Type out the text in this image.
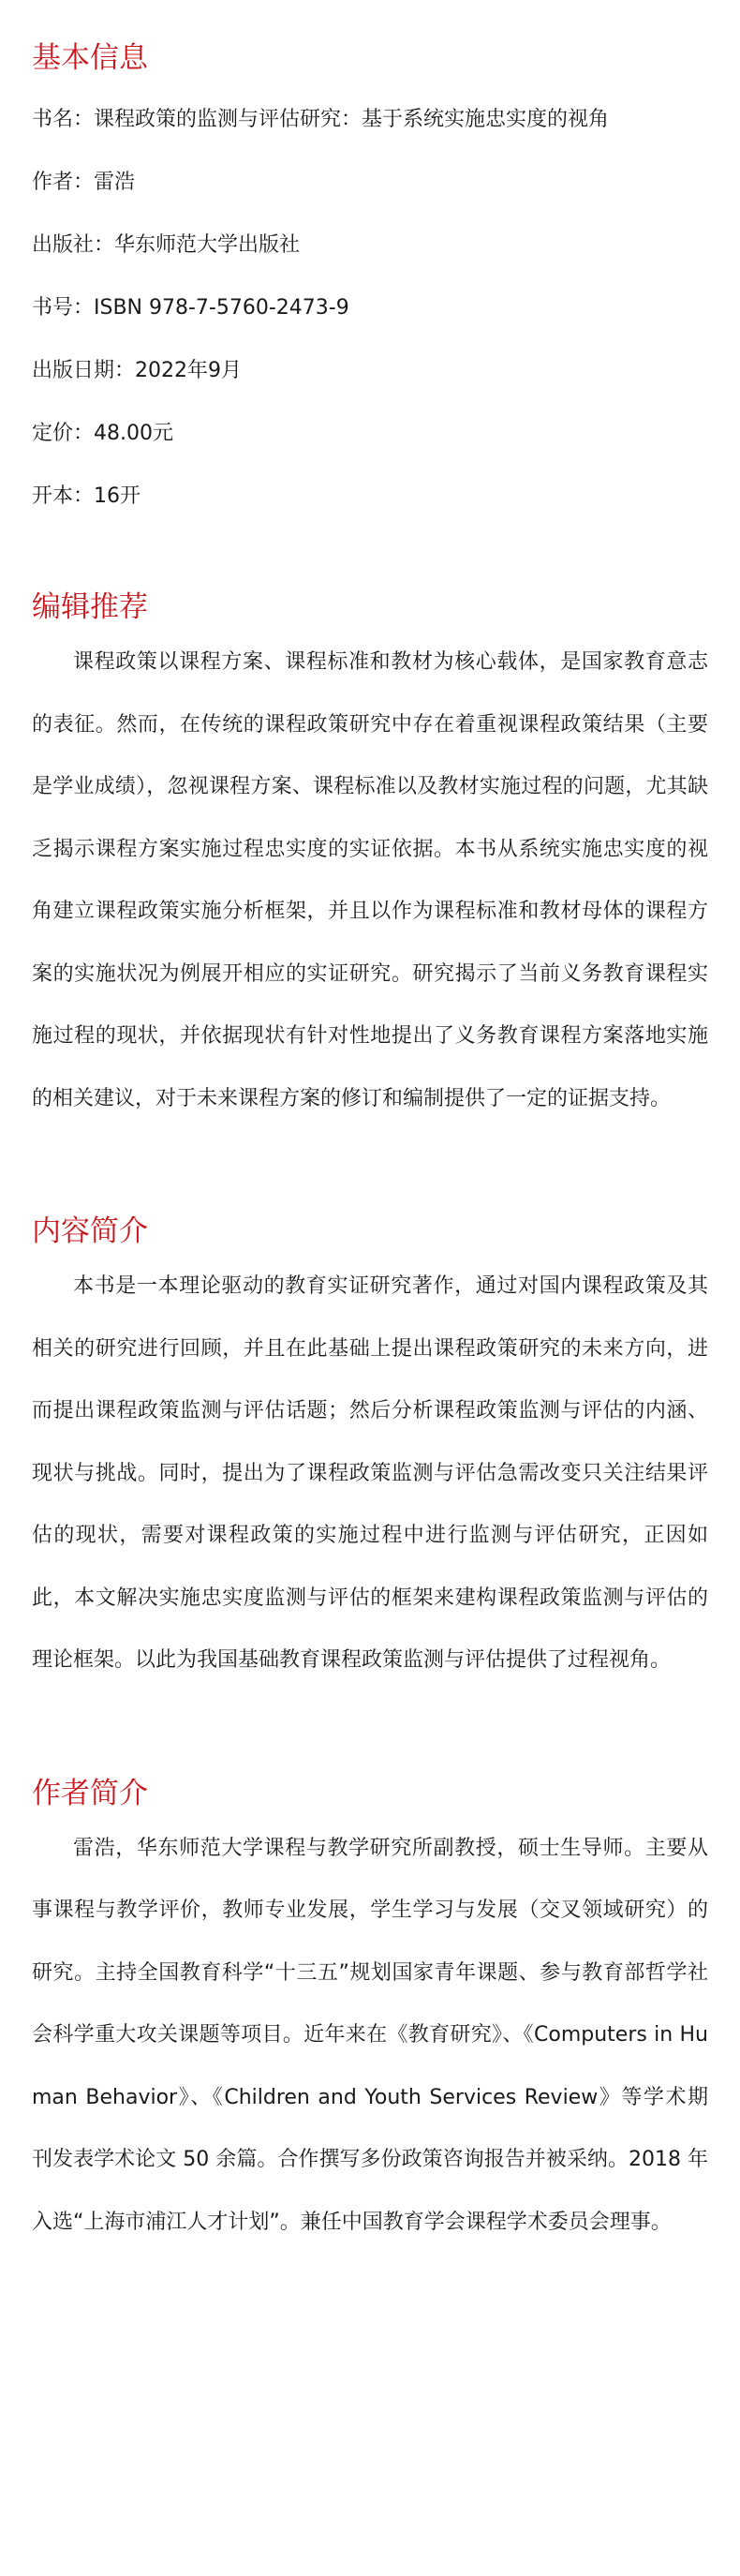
基本信息

书名：课程政策的监测与评估研究：基于系统实施忠实度的视角

作者：雷浩

出版社：华东师范大学出版社

书号：ISBN 978-7-5760-2473-9

出版日期：2022年9月

定价：48.00元

开本：16开

编辑推荐

课程政策以课程方案、课程标准和教材为核心载体，是国家教育意志的表征。然而，在传统的课程政策研究中存在着重视课程政策结果（主要是学业成绩），忽视课程方案、课程标准以及教材实施过程的问题，尤其缺乏揭示课程方案实施过程忠实度的实证依据。本书从系统实施忠实度的视角建立课程政策实施分析框架，并且以作为课程标准和教材母体的课程方案的实施状况为例展开相应的实证研究。研究揭示了当前义务教育课程实施过程的现状，并依据现状有针对性地提出了义务教育课程方案落地实施的相关建议，对于未来课程方案的修订和编制提供了一定的证据支持。

内容简介

本书是一本理论驱动的教育实证研究著作，通过对国内课程政策及其相关的研究进行回顾，并且在此基础上提出课程政策研究的未来方向，进而提出课程政策监测与评估话题；然后分析课程政策监测与评估的内涵、现状与挑战。同时，提出为了课程政策监测与评估急需改变只关注结果评估的现状，需要对课程政策的实施过程中进行监测与评估研究，正因如此，本文解决实施忠实度监测与评估的框架来建构课程政策监测与评估的理论框架。以此为我国基础教育课程政策监测与评估提供了过程视角。

作者简介

雷浩，华东师范大学课程与教学研究所副教授，硕士生导师。主要从事课程与教学评价，教师专业发展，学生学习与发展（交叉领域研究）的研究。主持全国教育科学“十三五”规划国家青年课题、参与教育部哲学社会科学重大攻关课题等项目。近年来在《教育研究》、《Computers in Human Behavior》、《Children and Youth Services Review》等学术期刊发表学术论文 50 余篇。合作撰写多份政策咨询报告并被采纳。2018 年入选“上海市浦江人才计划”。兼任中国教育学会课程学术委员会理事。
